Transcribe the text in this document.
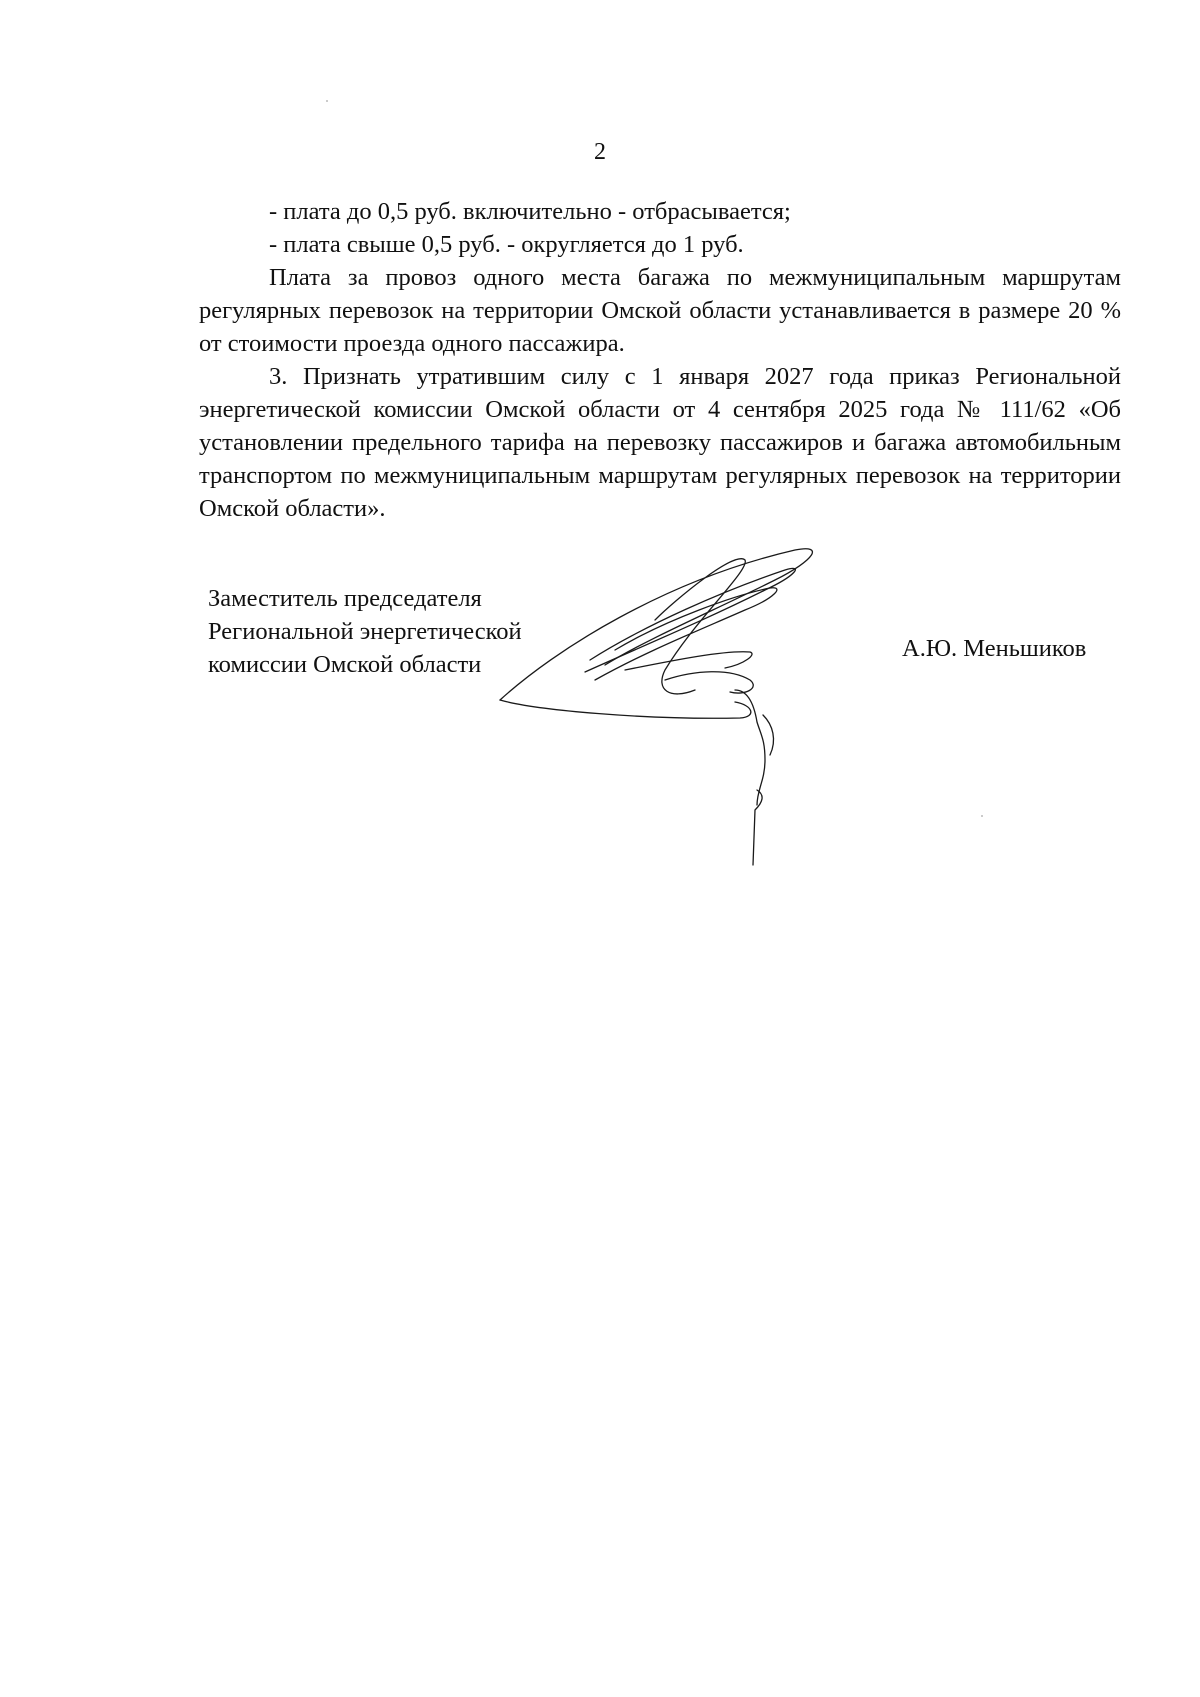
2

- плата до 0,5 руб. включительно - отбрасывается;

- плата свыше 0,5 руб. - округляется до 1 руб.

Плата за провоз одного места багажа по межмуниципальным маршрутам регулярных перевозок на территории Омской области устанавливается в размере 20 % от стоимости проезда одного пассажира.

3. Признать утратившим силу с 1 января 2027 года приказ Региональной энергетической комиссии Омской области от 4 сентября 2025 года № 111/62 «Об установлении предельного тарифа на перевозку пассажиров и багажа автомобильным транспортом по межмуниципальным маршрутам регулярных перевозок на территории Омской области».

Заместитель председателя
Региональной энергетической
комиссии Омской области
А.Ю. Меньшиков
